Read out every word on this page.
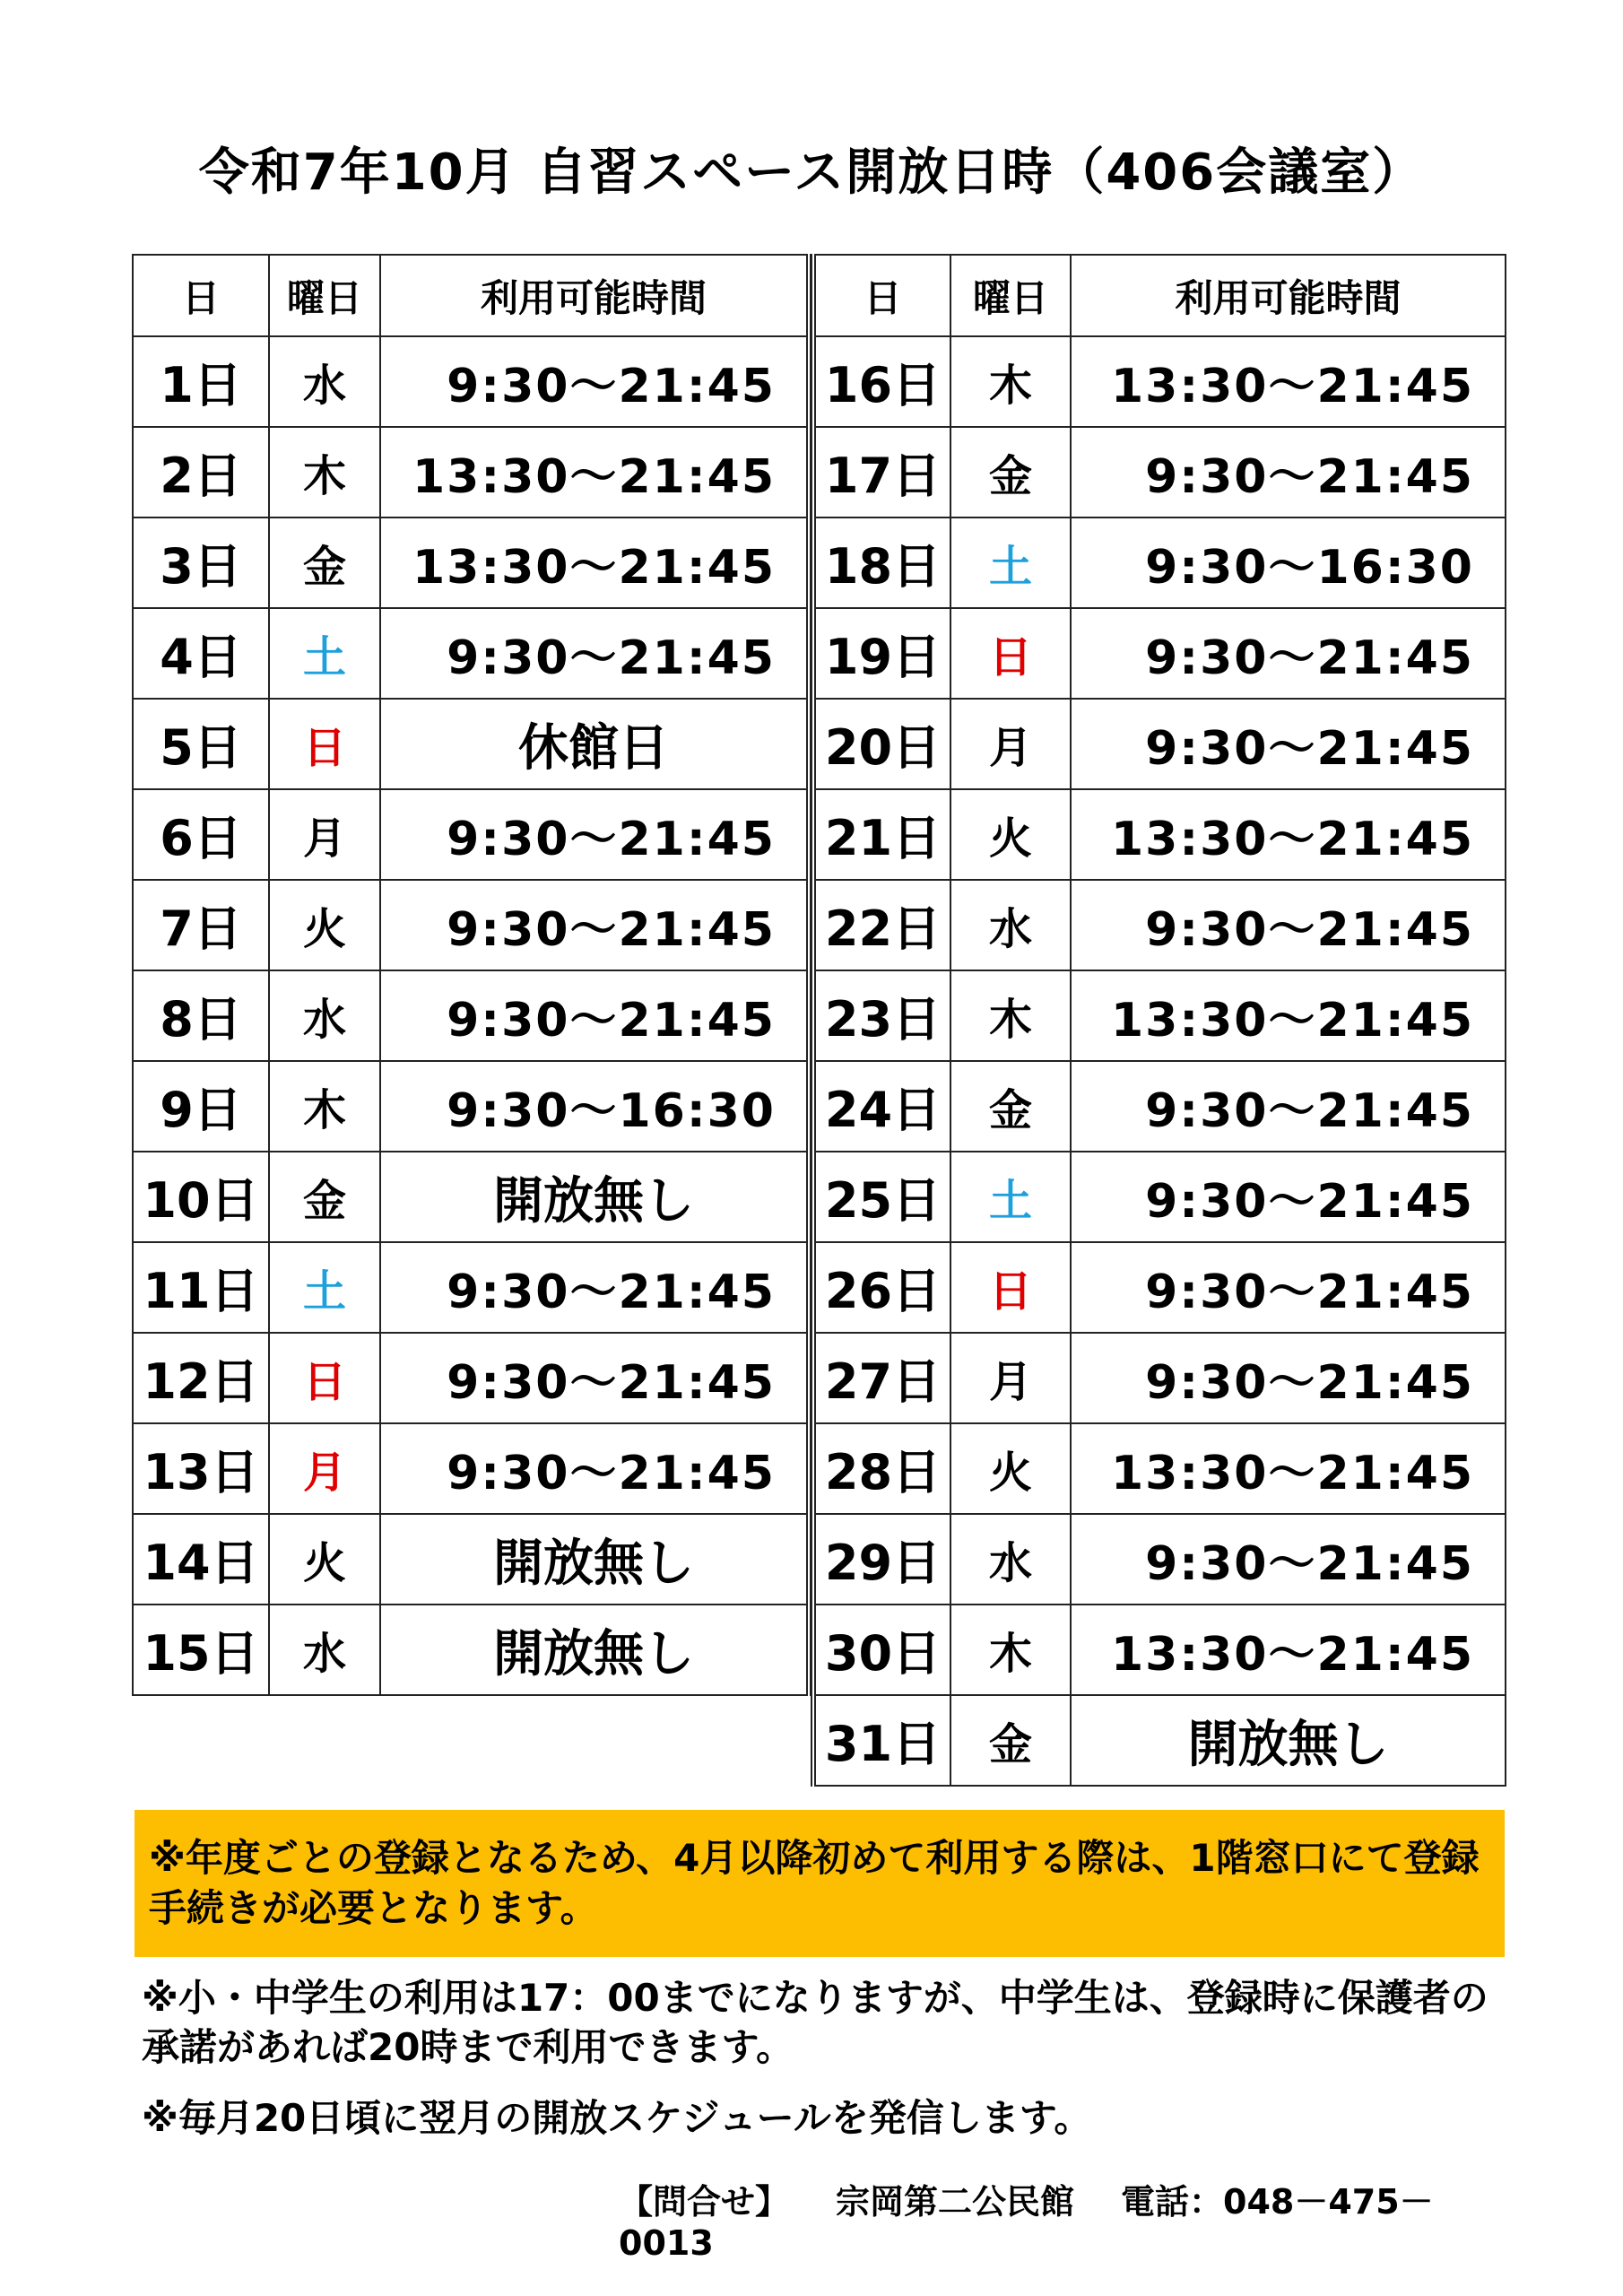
令和7年10月 自習スペース開放日時（406会議室）
日	曜日	利用可能時間
1日	水	9:30～21:45
2日	木	13:30～21:45
3日	金	13:30～21:45
4日	土	9:30～21:45
5日	日	休館日
6日	月	9:30～21:45
7日	火	9:30～21:45
8日	水	9:30～21:45
9日	木	9:30～16:30
10日	金	開放無し
11日	土	9:30～21:45
12日	日	9:30～21:45
13日	月	9:30～21:45
14日	火	開放無し
15日	水	開放無し
日	曜日	利用可能時間
16日	木	13:30～21:45
17日	金	9:30～21:45
18日	土	9:30～16:30
19日	日	9:30～21:45
20日	月	9:30～21:45
21日	火	13:30～21:45
22日	水	9:30～21:45
23日	木	13:30～21:45
24日	金	9:30～21:45
25日	土	9:30～21:45
26日	日	9:30～21:45
27日	月	9:30～21:45
28日	火	13:30～21:45
29日	水	9:30～21:45
30日	木	13:30～21:45
31日	金	開放無し
※年度ごとの登録となるため、4月以降初めて利用する際は、1階窓口にて登録手続きが必要となります。
※小・中学生の利用は17：00までになりますが、中学生は、登録時に保護者の承諾があれば20時まで利用できます。
※毎月20日頃に翌月の開放スケジュールを発信します。
【問合せ】 宗岡第二公民館 電話：048－475－0013
